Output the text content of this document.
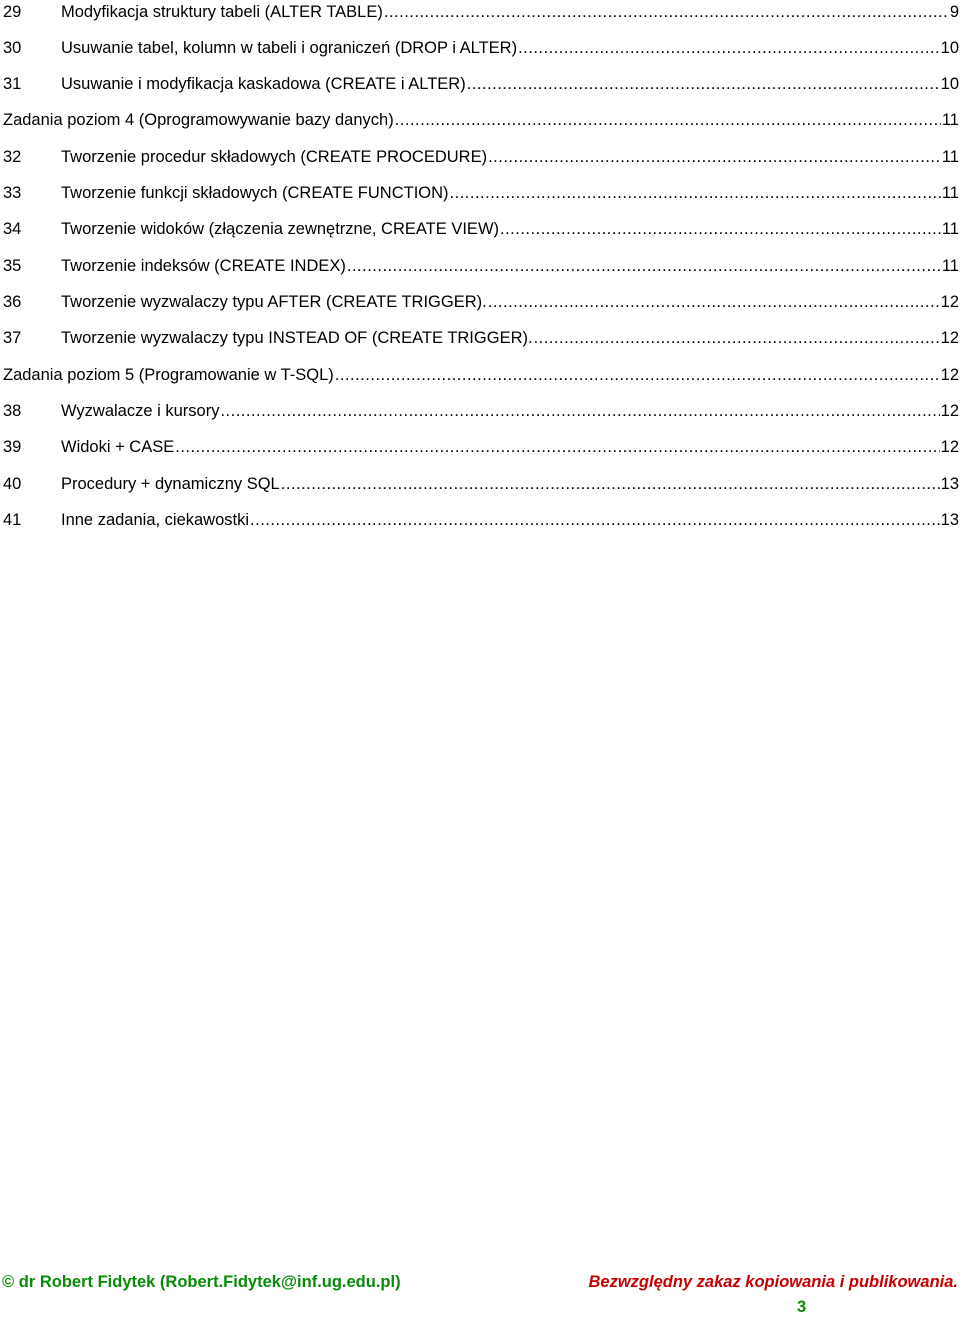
29	Modyfikacja struktury tabeli (ALTER TABLE) .....	9
30	Usuwanie tabel, kolumn w tabeli i ograniczeń (DROP i ALTER) .....	10
31	Usuwanie i modyfikacja kaskadowa (CREATE i ALTER) .....	10
Zadania poziom 4 (Oprogramowywanie bazy danych) .....	11
32	Tworzenie procedur składowych (CREATE PROCEDURE) .....	11
33	Tworzenie funkcji składowych (CREATE FUNCTION) .....	11
34	Tworzenie widoków (złączenia zewnętrzne, CREATE VIEW) .....	11
35	Tworzenie indeksów (CREATE INDEX) .....	11
36	Tworzenie wyzwalaczy typu AFTER (CREATE TRIGGER). .....	12
37	Tworzenie wyzwalaczy typu INSTEAD OF (CREATE TRIGGER). .....	12
Zadania poziom 5 (Programowanie w T-SQL) .....	12
38	Wyzwalacze i kursory .....	12
39	Widoki + CASE .....	12
40	Procedury + dynamiczny SQL .....	13
41	Inne zadania, ciekawostki .....	13
© dr Robert Fidytek (Robert.Fidytek@inf.ug.edu.pl)	Bezwzględny zakaz kopiowania i publikowania.
3
